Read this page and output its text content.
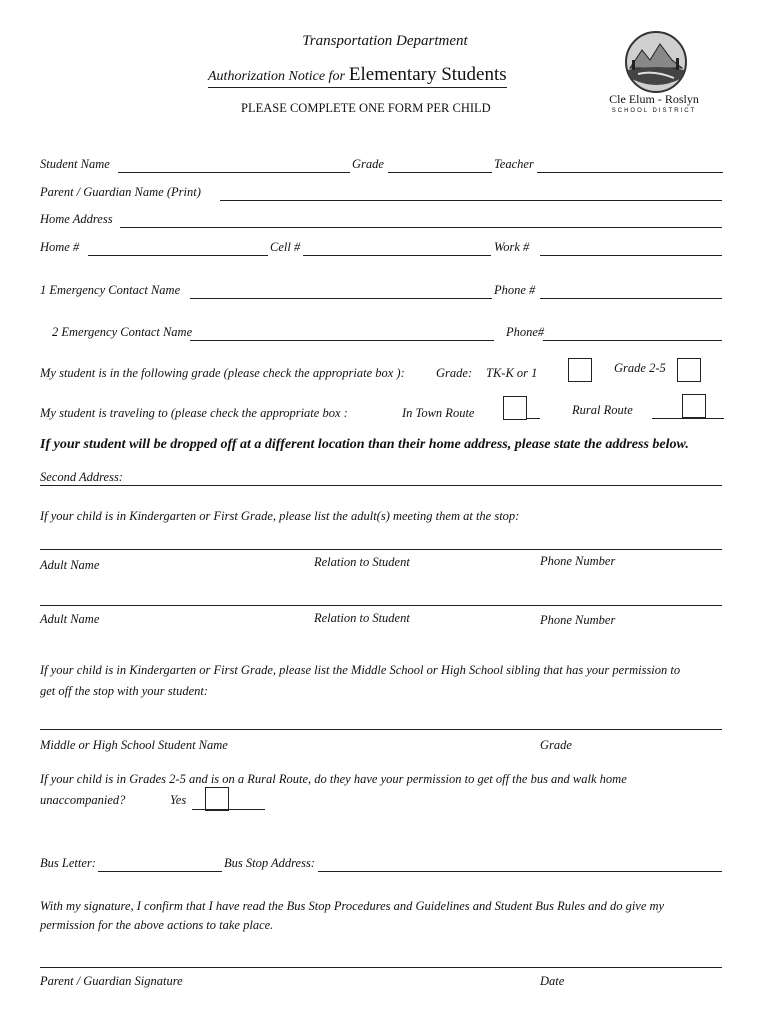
Transportation Department
Authorization Notice for Elementary Students
PLEASE COMPLETE ONE FORM PER CHILD
Cle Elum - Roslyn
SCHOOL DISTRICT
Student Name	Grade	Teacher
Parent / Guardian Name (Print)
Home Address
Home #	Cell #	Work #
1 Emergency Contact Name	Phone #
2 Emergency Contact Name	Phone#
My student is in the following grade (please check the appropriate box ):	Grade: TK-K or 1	Grade 2-5
My student is traveling to (please check the appropriate box :	In Town Route	Rural Route
If your student will be dropped off at a different location than their home address, please state the address below.
Second Address:
If your child is in Kindergarten or First Grade, please list the adult(s) meeting them at the stop:
Adult Name	Relation to Student	Phone Number
Adult Name	Relation to Student	Phone Number
If your child is in Kindergarten or First Grade, please list the Middle School or High School sibling that has your permission to
get off the stop with your student:
Middle or High School Student Name	Grade
If your child is in Grades 2-5 and is on a Rural Route, do they have your permission to get off the bus and walk home
unaccompanied?	Yes
Bus Letter:	Bus Stop Address:
With my signature, I confirm that I have read the Bus Stop Procedures and Guidelines and Student Bus Rules and do give my
permission for the above actions to take place.
Parent / Guardian Signature	Date
